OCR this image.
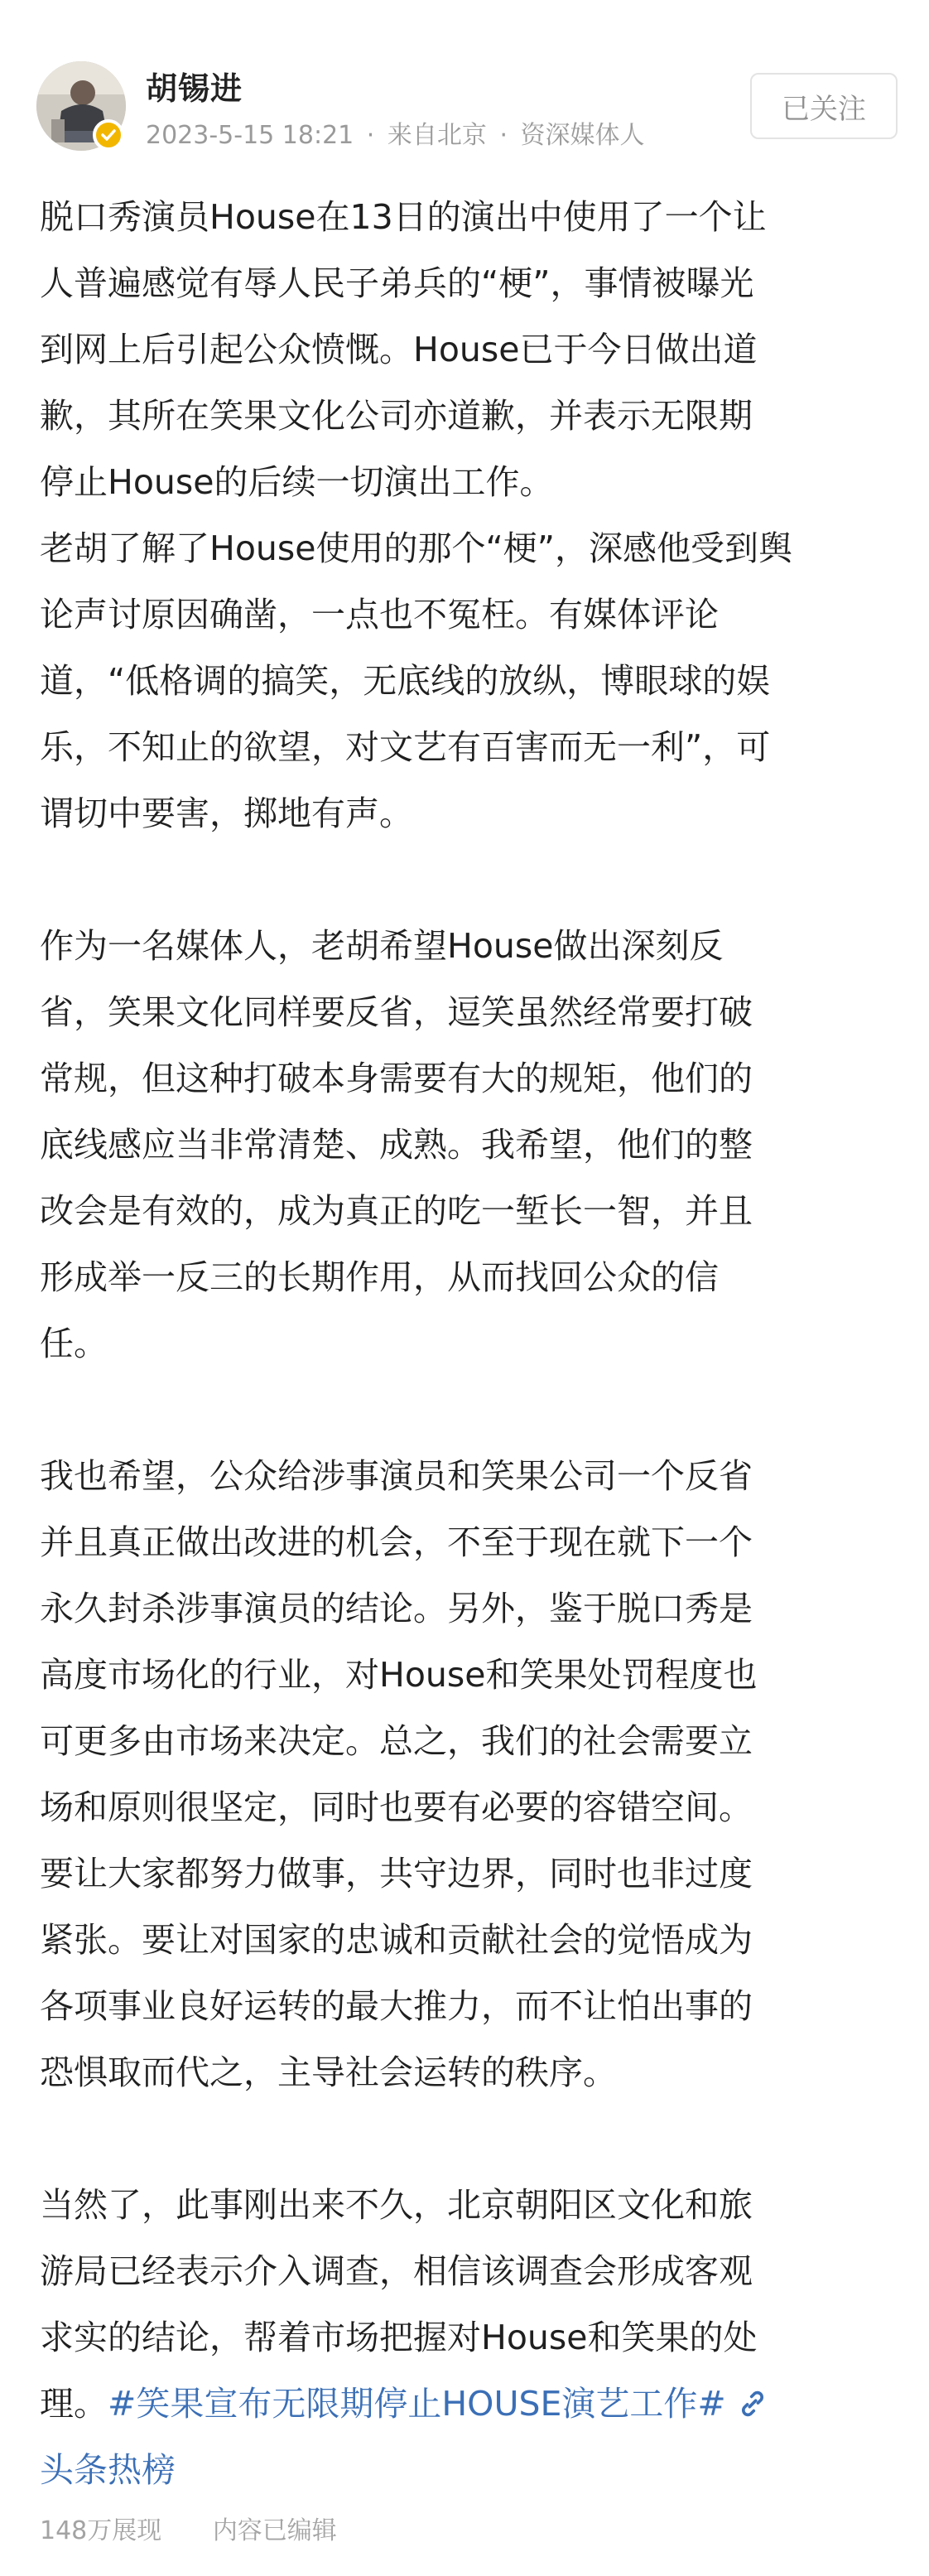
胡锡进
2023-5-15 18:21 · 来自北京 · 资深媒体人
已关注
脱口秀演员House在13日的演出中使用了一个让
人普遍感觉有辱人民子弟兵的“梗”，事情被曝光
到网上后引起公众愤慨。House已于今日做出道
歉，其所在笑果文化公司亦道歉，并表示无限期
停止House的后续一切演出工作。
老胡了解了House使用的那个“梗”，深感他受到舆
论声讨原因确凿，一点也不冤枉。有媒体评论
道，“低格调的搞笑，无底线的放纵，博眼球的娱
乐，不知止的欲望，对文艺有百害而无一利”，可
谓切中要害，掷地有声。
作为一名媒体人，老胡希望House做出深刻反
省，笑果文化同样要反省，逗笑虽然经常要打破
常规，但这种打破本身需要有大的规矩，他们的
底线感应当非常清楚、成熟。我希望，他们的整
改会是有效的，成为真正的吃一堑长一智，并且
形成举一反三的长期作用，从而找回公众的信
任。
我也希望，公众给涉事演员和笑果公司一个反省
并且真正做出改进的机会，不至于现在就下一个
永久封杀涉事演员的结论。另外，鉴于脱口秀是
高度市场化的行业，对House和笑果处罚程度也
可更多由市场来决定。总之，我们的社会需要立
场和原则很坚定，同时也要有必要的容错空间。
要让大家都努力做事，共守边界，同时也非过度
紧张。要让对国家的忠诚和贡献社会的觉悟成为
各项事业良好运转的最大推力，而不让怕出事的
恐惧取而代之，主导社会运转的秩序。
当然了，此事刚出来不久，北京朝阳区文化和旅
游局已经表示介入调查，相信该调查会形成客观
求实的结论，帮着市场把握对House和笑果的处
理。#笑果宣布无限期停止HOUSE演艺工作#
头条热榜
148万展现 内容已编辑
